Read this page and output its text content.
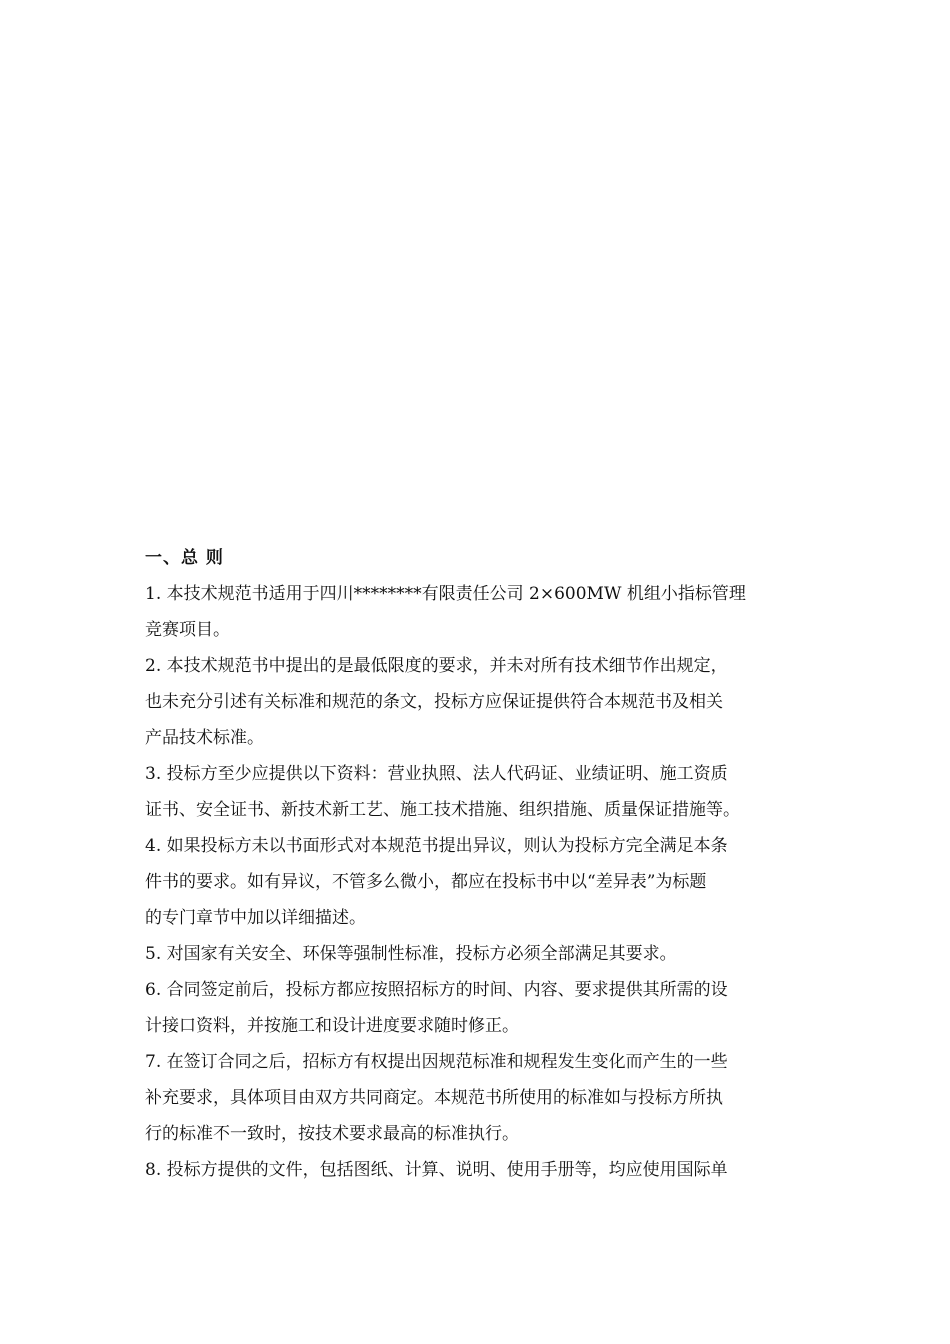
一、总 则
1. 本技术规范书适用于四川********有限责任公司 2×600MW 机组小指标管理
竞赛项目。
2. 本技术规范书中提出的是最低限度的要求，并未对所有技术细节作出规定，
也未充分引述有关标准和规范的条文，投标方应保证提供符合本规范书及相关
产品技术标准。
3. 投标方至少应提供以下资料：营业执照、法人代码证、业绩证明、施工资质
证书、安全证书、新技术新工艺、施工技术措施、组织措施、质量保证措施等。
4. 如果投标方未以书面形式对本规范书提出异议，则认为投标方完全满足本条
件书的要求。如有异议，不管多么微小，都应在投标书中以“差异表”为标题
的专门章节中加以详细描述。
5. 对国家有关安全、环保等强制性标准，投标方必须全部满足其要求。
6. 合同签定前后，投标方都应按照招标方的时间、内容、要求提供其所需的设
计接口资料，并按施工和设计进度要求随时修正。
7. 在签订合同之后，招标方有权提出因规范标准和规程发生变化而产生的一些
补充要求，具体项目由双方共同商定。本规范书所使用的标准如与投标方所执
行的标准不一致时，按技术要求最高的标准执行。
8. 投标方提供的文件，包括图纸、计算、说明、使用手册等，均应使用国际单
